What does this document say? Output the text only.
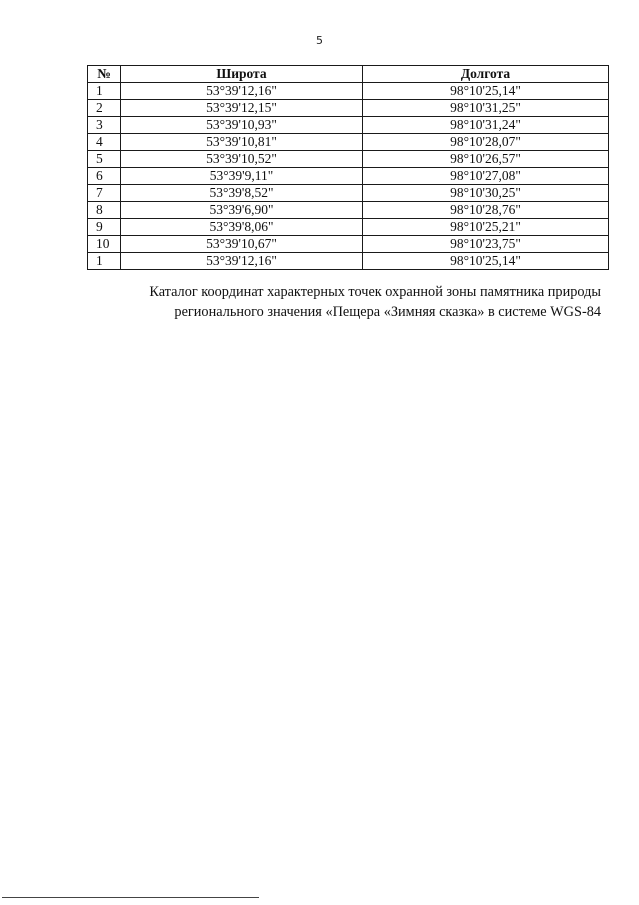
5
№	Широта	Долгота
1	53°39'12,16"	98°10'25,14"
2	53°39'12,15"	98°10'31,25"
3	53°39'10,93"	98°10'31,24"
4	53°39'10,81"	98°10'28,07"
5	53°39'10,52"	98°10'26,57"
6	53°39'9,11"	98°10'27,08"
7	53°39'8,52"	98°10'30,25"
8	53°39'6,90"	98°10'28,76"
9	53°39'8,06"	98°10'25,21"
10	53°39'10,67"	98°10'23,75"
1	53°39'12,16"	98°10'25,14"
Каталог координат характерных точек охранной зоны памятника природы
регионального значения «Пещера «Зимняя сказка» в системе WGS-84
